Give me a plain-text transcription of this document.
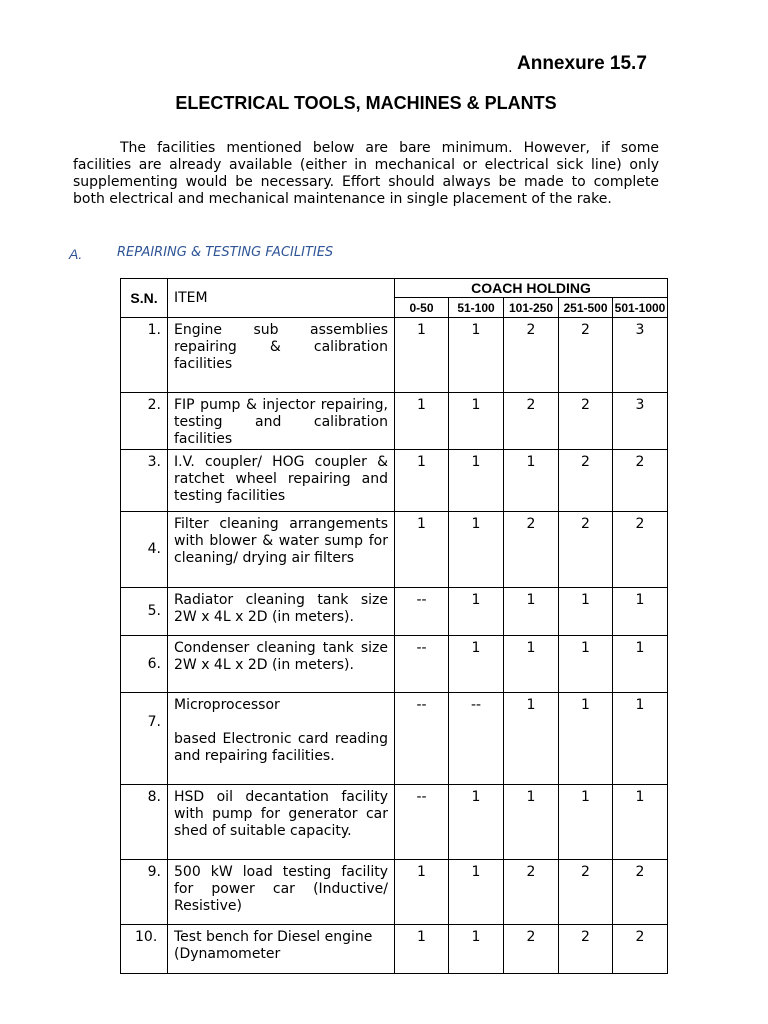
Annexure 15.7
ELECTRICAL TOOLS, MACHINES & PLANTS
The facilities mentioned below are bare minimum. However, if some facilities are already available (either in mechanical or electrical sick line) only supplementing would be necessary. Effort should always be made to complete both electrical and mechanical maintenance in single placement of the rake.
A.	REPAIRING & TESTING FACILITIES
S.N.	ITEM	COACH HOLDING				
		0-50	51-100	101-250	251-500	501-1000
1.	Engine sub assemblies repairing & calibration facilities	1	1	2	2	3
2.	FIP pump & injector repairing, testing and calibration facilities	1	1	2	2	3
3.	I.V. coupler/ HOG coupler & ratchet wheel repairing and testing facilities	1	1	1	2	2
4.	Filter cleaning arrangements with blower & water sump for cleaning/ drying air filters	1	1	2	2	2
5.	Radiator cleaning tank size 2W x 4L x 2D (in meters).	--	1	1	1	1
6.	Condenser cleaning tank size 2W x 4L x 2D (in meters).	--	1	1	1	1
7.	Microprocessor
based Electronic card reading and repairing facilities.	--	--	1	1	1
8.	HSD oil decantation facility with pump for generator car shed of suitable capacity.	--	1	1	1	1
9.	500 kW load testing facility for power car (Inductive/ Resistive)	1	1	2	2	2
10.	Test bench for Diesel engine (Dynamometer	1	1	2	2	2
